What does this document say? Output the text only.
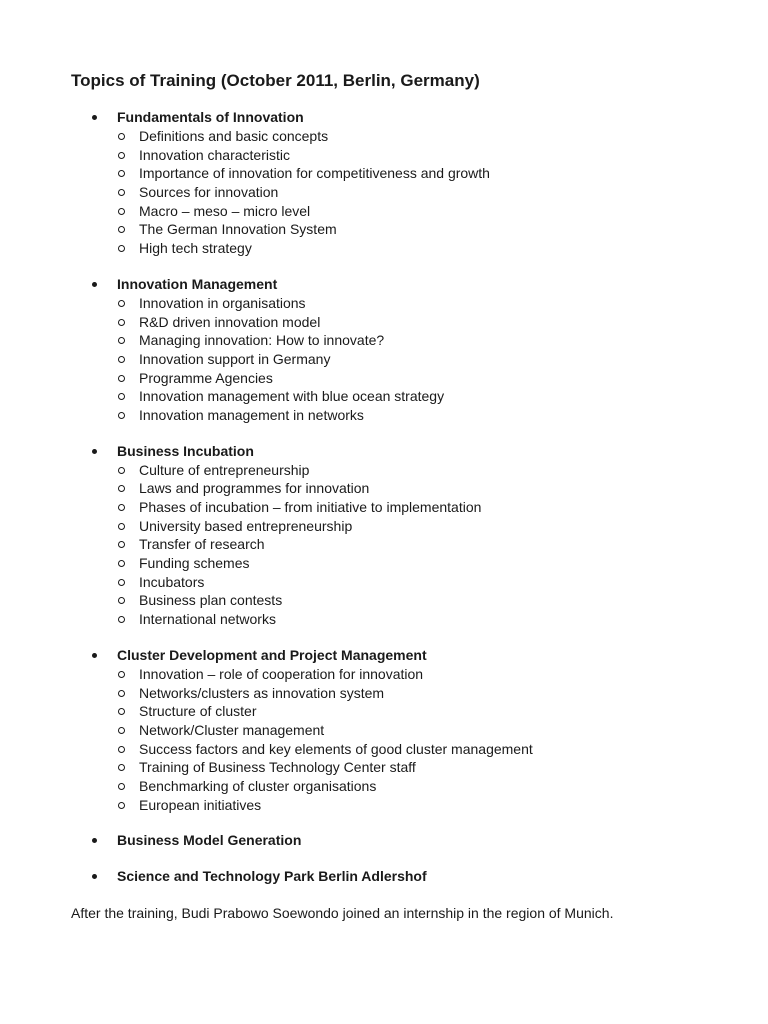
Topics of Training (October 2011, Berlin, Germany)
Fundamentals of Innovation
Definitions and basic concepts
Innovation characteristic
Importance of innovation for competitiveness and growth
Sources for innovation
Macro – meso – micro level
The German Innovation System
High tech strategy
Innovation Management
Innovation in organisations
R&D driven innovation model
Managing innovation: How to innovate?
Innovation support in Germany
Programme Agencies
Innovation management with blue ocean strategy
Innovation management in networks
Business Incubation
Culture of entrepreneurship
Laws and programmes for innovation
Phases of incubation – from initiative to implementation
University based entrepreneurship
Transfer of research
Funding schemes
Incubators
Business plan contests
International networks
Cluster Development and Project Management
Innovation – role of cooperation for innovation
Networks/clusters as innovation system
Structure of cluster
Network/Cluster management
Success factors and key elements of good cluster management
Training of Business Technology Center staff
Benchmarking of cluster organisations
European initiatives
Business Model Generation
Science and Technology Park Berlin Adlershof
After the training, Budi Prabowo Soewondo joined an internship in the region of Munich.
